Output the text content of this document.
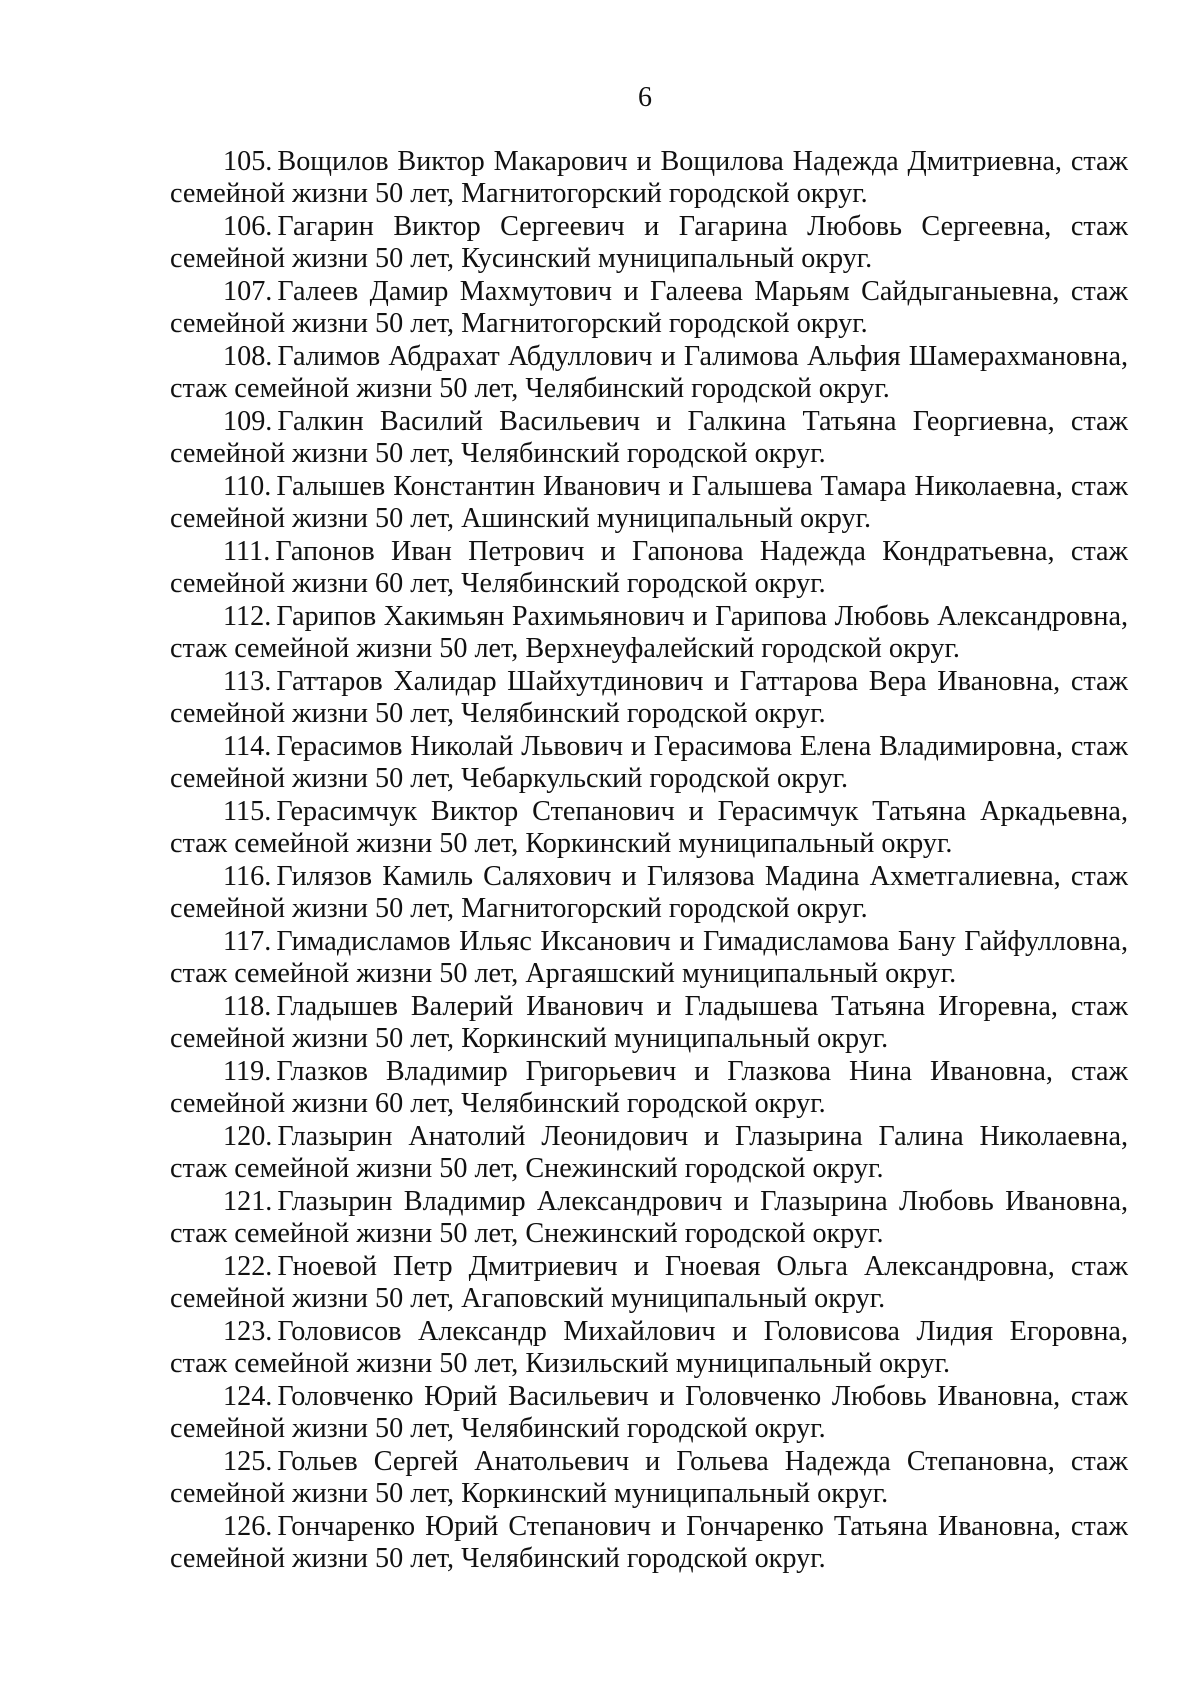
6
105. Вощилов Виктор Макарович и Вощилова Надежда Дмитриевна, стаж семейной жизни 50 лет, Магнитогорский городской округ.
106. Гагарин Виктор Сергеевич и Гагарина Любовь Сергеевна, стаж семейной жизни 50 лет, Кусинский муниципальный округ.
107. Галеев Дамир Махмутович и Галеева Марьям Сайдыганыевна, стаж семейной жизни 50 лет, Магнитогорский городской округ.
108. Галимов Абдрахат Абдуллович и Галимова Альфия Шамерахмановна, стаж семейной жизни 50 лет, Челябинский городской округ.
109. Галкин Василий Васильевич и Галкина Татьяна Георгиевна, стаж семейной жизни 50 лет, Челябинский городской округ.
110. Галышев Константин Иванович и Галышева Тамара Николаевна, стаж семейной жизни 50 лет, Ашинский муниципальный округ.
111. Гапонов Иван Петрович и Гапонова Надежда Кондратьевна, стаж семейной жизни 60 лет, Челябинский городской округ.
112. Гарипов Хакимьян Рахимьянович и Гарипова Любовь Александровна, стаж семейной жизни 50 лет, Верхнеуфалейский городской округ.
113. Гаттаров Халидар Шайхутдинович и Гаттарова Вера Ивановна, стаж семейной жизни 50 лет, Челябинский городской округ.
114. Герасимов Николай Львович и Герасимова Елена Владимировна, стаж семейной жизни 50 лет, Чебаркульский городской округ.
115. Герасимчук Виктор Степанович и Герасимчук Татьяна Аркадьевна, стаж семейной жизни 50 лет, Коркинский муниципальный округ.
116. Гилязов Камиль Саляхович и Гилязова Мадина Ахметгалиевна, стаж семейной жизни 50 лет, Магнитогорский городской округ.
117. Гимадисламов Ильяс Иксанович и Гимадисламова Бану Гайфулловна, стаж семейной жизни 50 лет, Аргаяшский муниципальный округ.
118. Гладышев Валерий Иванович и Гладышева Татьяна Игоревна, стаж семейной жизни 50 лет, Коркинский муниципальный округ.
119. Глазков Владимир Григорьевич и Глазкова Нина Ивановна, стаж семейной жизни 60 лет, Челябинский городской округ.
120. Глазырин Анатолий Леонидович и Глазырина Галина Николаевна, стаж семейной жизни 50 лет, Снежинский городской округ.
121. Глазырин Владимир Александрович и Глазырина Любовь Ивановна, стаж семейной жизни 50 лет, Снежинский городской округ.
122. Гноевой Петр Дмитриевич и Гноевая Ольга Александровна, стаж семейной жизни 50 лет, Агаповский муниципальный округ.
123. Головисов Александр Михайлович и Головисова Лидия Егоровна, стаж семейной жизни 50 лет, Кизильский муниципальный округ.
124. Головченко Юрий Васильевич и Головченко Любовь Ивановна, стаж семейной жизни 50 лет, Челябинский городской округ.
125. Гольев Сергей Анатольевич и Гольева Надежда Степановна, стаж семейной жизни 50 лет, Коркинский муниципальный округ.
126. Гончаренко Юрий Степанович и Гончаренко Татьяна Ивановна, стаж семейной жизни 50 лет, Челябинский городской округ.
